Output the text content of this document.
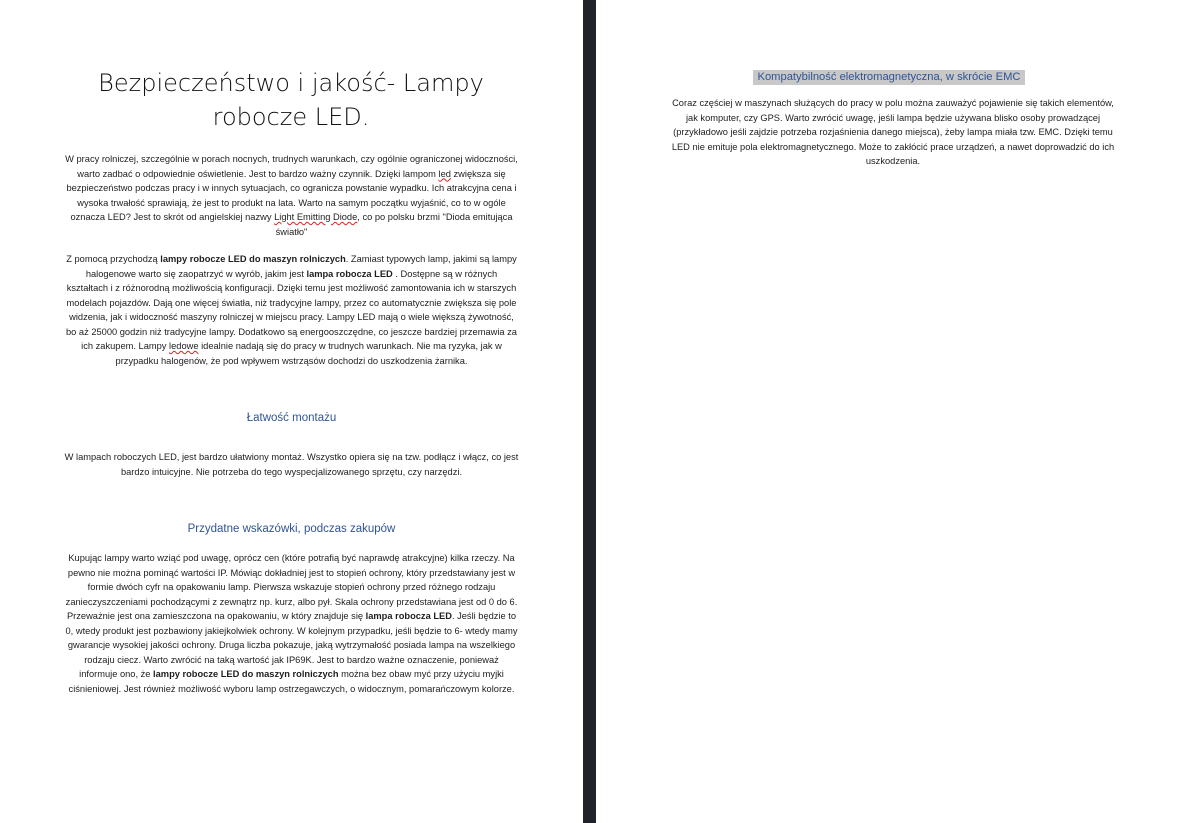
Bezpieczeństwo i jakość- Lampy robocze LED.

W pracy rolniczej, szczególnie w porach nocnych, trudnych warunkach, czy ogólnie ograniczonej widoczności, warto zadbać o odpowiednie oświetlenie. Jest to bardzo ważny czynnik. Dzięki lampom led zwiększa się bezpieczeństwo podczas pracy i w innych sytuacjach, co ogranicza powstanie wypadku. Ich atrakcyjna cena i wysoka trwałość sprawiają, że jest to produkt na lata. Warto na samym początku wyjaśnić, co to w ogóle oznacza LED? Jest to skrót od angielskiej nazwy Light Emitting Diode, co po polsku brzmi "Dioda emitująca światło"

Z pomocą przychodzą lampy robocze LED do maszyn rolniczych. Zamiast typowych lamp, jakimi są lampy halogenowe warto się zaopatrzyć w wyrób, jakim jest lampa robocza LED . Dostępne są w różnych kształtach i z różnorodną możliwością konfiguracji. Dzięki temu jest możliwość zamontowania ich w starszych modelach pojazdów. Dają one więcej światła, niż tradycyjne lampy, przez co automatycznie zwiększa się pole widzenia, jak i widoczność maszyny rolniczej w miejscu pracy. Lampy LED mają o wiele większą żywotność, bo aż 25000 godzin niż tradycyjne lampy. Dodatkowo są energooszczędne, co jeszcze bardziej przemawia za ich zakupem. Lampy ledowe idealnie nadają się do pracy w trudnych warunkach. Nie ma ryzyka, jak w przypadku halogenów, że pod wpływem wstrząsów dochodzi do uszkodzenia żarnika.

Łatwość montażu

W lampach roboczych LED, jest bardzo ułatwiony montaż. Wszystko opiera się na tzw. podłącz i włącz, co jest bardzo intuicyjne. Nie potrzeba do tego wyspecjalizowanego sprzętu, czy narzędzi.

Przydatne wskazówki, podczas zakupów

Kupując lampy warto wziąć pod uwagę, oprócz cen (które potrafią być naprawdę atrakcyjne) kilka rzeczy. Na pewno nie można pominąć wartości IP. Mówiąc dokładniej jest to stopień ochrony, który przedstawiany jest w formie dwóch cyfr na opakowaniu lamp. Pierwsza wskazuje stopień ochrony przed różnego rodzaju zanieczyszczeniami pochodzącymi z zewnątrz np. kurz, albo pył. Skala ochrony przedstawiana jest od 0 do 6. Przeważnie jest ona zamieszczona na opakowaniu, w który znajduje się lampa robocza LED. Jeśli będzie to 0, wtedy produkt jest pozbawiony jakiejkolwiek ochrony. W kolejnym przypadku, jeśli będzie to 6- wtedy mamy gwarancje wysokiej jakości ochrony. Druga liczba pokazuje, jaką wytrzymałość posiada lampa na wszelkiego rodzaju ciecz. Warto zwrócić na taką wartość jak IP69K. Jest to bardzo ważne oznaczenie, ponieważ informuje ono, że lampy robocze LED do maszyn rolniczych można bez obaw myć przy użyciu myjki ciśnieniowej. Jest również możliwość wyboru lamp ostrzegawczych, o widocznym, pomarańczowym kolorze.

Kompatybilność elektromagnetyczna, w skrócie EMC

Coraz częściej w maszynach służących do pracy w polu można zauważyć pojawienie się takich elementów, jak komputer, czy GPS. Warto zwrócić uwagę, jeśli lampa będzie używana blisko osoby prowadzącej (przykładowo jeśli zajdzie potrzeba rozjaśnienia danego miejsca), żeby lampa miała tzw. EMC. Dzięki temu LED nie emituje pola elektromagnetycznego. Może to zakłócić prace urządzeń, a nawet doprowadzić do ich uszkodzenia.
